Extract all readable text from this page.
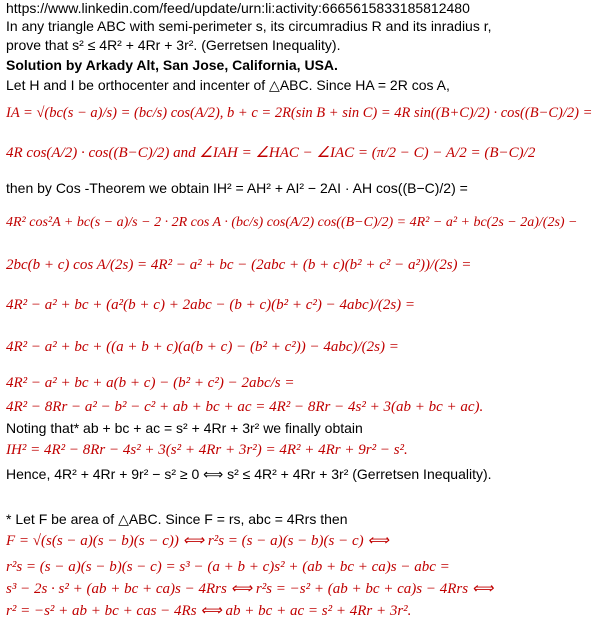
https://www.linkedin.com/feed/update/urn:li:activity:6665615833185812480
In any triangle ABC with semi-perimeter s, its circumradius R and its inradius r,
prove that s² ≤ 4R² + 4Rr + 3r². (Gerretsen Inequality).
Solution by Arkady Alt, San Jose, California, USA.
Let H and I be orthocenter and incenter of △ABC. Since HA = 2R cos A,
IA = √(bc(s − a)/s) = (bc/s) cos(A/2), b + c = 2R(sin B + sin C) = 4R sin((B+C)/2) · cos((B−C)/2) =
4R cos(A/2) · cos((B−C)/2) and ∠IAH = ∠HAC − ∠IAC = (π/2 − C) − A/2 = (B−C)/2
then by Cos -Theorem we obtain IH² = AH² + AI² − 2AI · AH cos((B−C)/2) =
4R² cos²A + bc(s − a)/s − 2 · 2R cos A · (bc/s) cos(A/2) cos((B−C)/2) = 4R² − a² + bc(2s − 2a)/(2s) −
2bc(b + c) cos A/(2s) = 4R² − a² + bc − (2abc + (b + c)(b² + c² − a²))/(2s) =
4R² − a² + bc + (a²(b + c) + 2abc − (b + c)(b² + c²) − 4abc)/(2s) =
4R² − a² + bc + ((a + b + c)(a(b + c) − (b² + c²)) − 4abc)/(2s) =
4R² − a² + bc + a(b + c) − (b² + c²) − 2abc/s =
4R² − 8Rr − a² − b² − c² + ab + bc + ac = 4R² − 8Rr − 4s² + 3(ab + bc + ac).
Noting that* ab + bc + ac = s² + 4Rr + 3r² we finally obtain
IH² = 4R² − 8Rr − 4s² + 3(s² + 4Rr + 3r²) = 4R² + 4Rr + 9r² − s².
Hence, 4R² + 4Rr + 9r² − s² ≥ 0 ⟺ s² ≤ 4R² + 4Rr + 3r² (Gerretsen Inequality).
* Let F be area of △ABC. Since F = rs, abc = 4Rrs then
F = √(s(s − a)(s − b)(s − c)) ⟺ r²s = (s − a)(s − b)(s − c) ⟺
r²s = (s − a)(s − b)(s − c) = s³ − (a + b + c)s² + (ab + bc + ca)s − abc =
s³ − 2s · s² + (ab + bc + ca)s − 4Rrs ⟺ r²s = −s² + (ab + bc + ca)s − 4Rrs ⟺
r² = −s² + ab + bc + cas − 4Rs ⟺ ab + bc + ac = s² + 4Rr + 3r².
